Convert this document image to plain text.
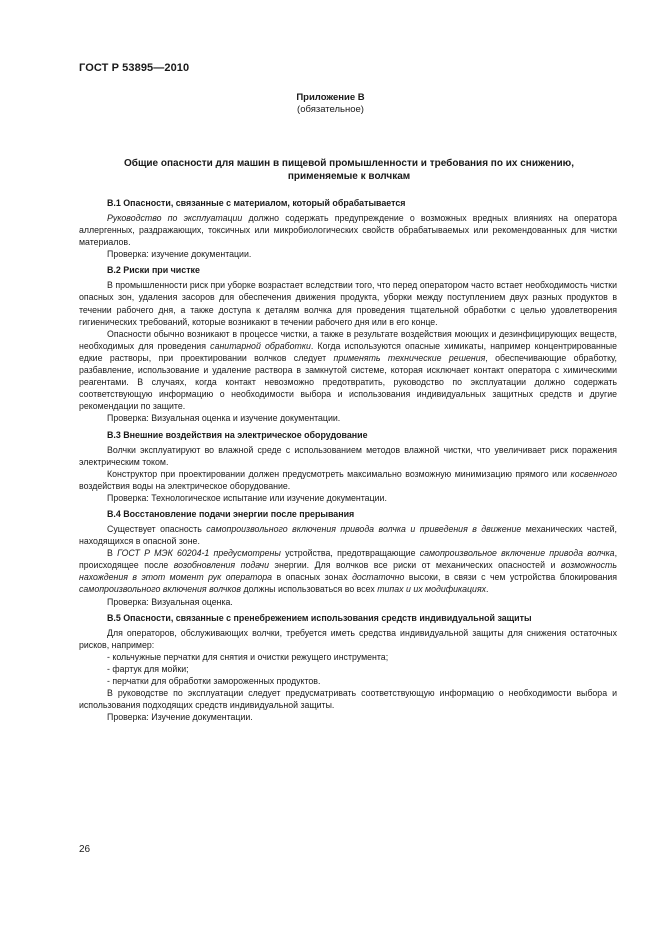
ГОСТ Р 53895—2010
Приложение В
(обязательное)
Общие опасности для машин в пищевой промышленности и требования по их снижению,
применяемые к волчкам
В.1 Опасности, связанные с материалом, который обрабатывается

Руководство по эксплуатации должно содержать предупреждение о возможных вредных влияниях на оператора аллергенных, раздражающих, токсичных или микробиологических свойств обрабатываемых или рекомендованных для чистки материалов.

Проверка: изучение документации.

В.2 Риски при чистке

В промышленности риск при уборке возрастает вследствии того, что перед оператором часто встает необходимость чистки опасных зон, удаления засоров для обеспечения движения продукта, уборки между поступлением двух разных продуктов в течении рабочего дня, а также доступа к деталям волчка для проведения тщательной обработки с целью удовлетворения гигиенических требований, которые возникают в течении рабочего дня или в его конце.

Опасности обычно возникают в процессе чистки, а также в результате воздействия моющих и дезинфицирующих веществ, необходимых для проведения санитарной обработки. Когда используются опасные химикаты, например концентрированные едкие растворы, при проектировании волчков следует применять технические решения, обеспечивающие обработку, разбавление, использование и удаление раствора в замкнутой системе, которая исключает контакт оператора с химическими реагентами. В случаях, когда контакт невозможно предотвратить, руководство по эксплуатации должно содержать соответствующую информацию о необходимости выбора и использования индивидуальных защитных средств и другие рекомендации по защите.

Проверка: Визуальная оценка и изучение документации.

В.3 Внешние воздействия на электрическое оборудование

Волчки эксплуатируют во влажной среде с использованием методов влажной чистки, что увеличивает риск поражения электрическим током.

Конструктор при проектировании должен предусмотреть максимально возможную минимизацию прямого или косвенного воздействия воды на электрическое оборудование.

Проверка: Технологическое испытание или изучение документации.

В.4 Восстановление подачи энергии после прерывания

Существует опасность самопроизвольного включения привода волчка и приведения в движение механических частей, находящихся в опасной зоне.

В ГОСТ Р МЭК 60204-1 предусмотрены устройства, предотвращающие самопроизвольное включение привода волчка, происходящее после возобновления подачи энергии. Для волчков все риски от механических опасностей и возможность нахождения в этот момент рук оператора в опасных зонах достаточно высоки, в связи с чем устройства блокирования самопроизвольного включения волчков должны использоваться во всех типах и их модификациях.

Проверка: Визуальная оценка.

В.5 Опасности, связанные с пренебрежением использования средств индивидуальной защиты

Для операторов, обслуживающих волчки, требуется иметь средства индивидуальной защиты для снижения остаточных рисков, например:

- кольчужные перчатки для снятия и очистки режущего инструмента;

- фартук для мойки;

- перчатки для обработки замороженных продуктов.

В руководстве по эксплуатации следует предусматривать соответствующую информацию о необходимости выбора и использования подходящих средств индивидуальной защиты.

Проверка: Изучение документации.

26
